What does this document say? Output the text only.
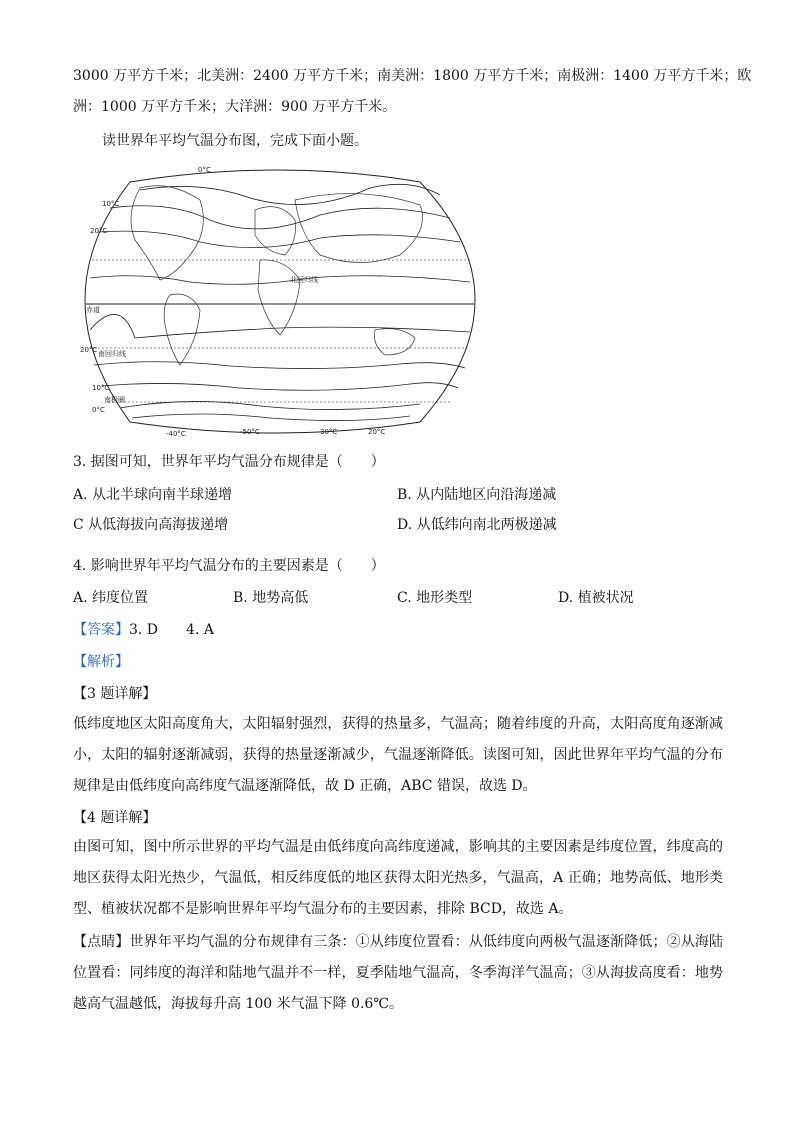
3000 万平方千米；北美洲：2400 万平方千米；南美洲：1800 万平方千米；南极洲：1400 万平方千米；欧
洲：1000 万平方千米；大洋洲：900 万平方千米。
读世界年平均气温分布图，完成下面小题。
0°C
10°C
20°C
北回归线
赤道
20°C 南回归线
10°C
0°C
南极圈
-40°C	-50°C	30°C	20°C
3. 据图可知，世界年平均气温分布规律是（　　）
A. 从北半球向南半球递增	B. 从内陆地区向沿海递减
C 从低海拔向高海拔递增	D. 从低纬向南北两极递减
4. 影响世界年平均气温分布的主要因素是（　　）
A. 纬度位置	B. 地势高低	C. 地形类型	D. 植被状况
【答案】3. D　　4. A
【解析】
【3 题详解】
低纬度地区太阳高度角大，太阳辐射强烈，获得的热量多，气温高；随着纬度的升高，太阳高度角逐渐减小，太阳的辐射逐渐减弱，获得的热量逐渐减少，气温逐渐降低。读图可知，因此世界年平均气温的分布规律是由低纬度向高纬度气温逐渐降低，故 D 正确，ABC 错误，故选 D。
【4 题详解】
由图可知，图中所示世界的平均气温是由低纬度向高纬度递减，影响其的主要因素是纬度位置，纬度高的地区获得太阳光热少，气温低，相反纬度低的地区获得太阳光热多，气温高，A 正确；地势高低、地形类型、植被状况都不是影响世界年平均气温分布的主要因素，排除 BCD，故选 A。
【点睛】世界年平均气温的分布规律有三条：①从纬度位置看：从低纬度向两极气温逐渐降低；②从海陆位置看：同纬度的海洋和陆地气温并不一样，夏季陆地气温高，冬季海洋气温高；③从海拔高度看：地势越高气温越低，海拔每升高 100 米气温下降 0.6℃。
